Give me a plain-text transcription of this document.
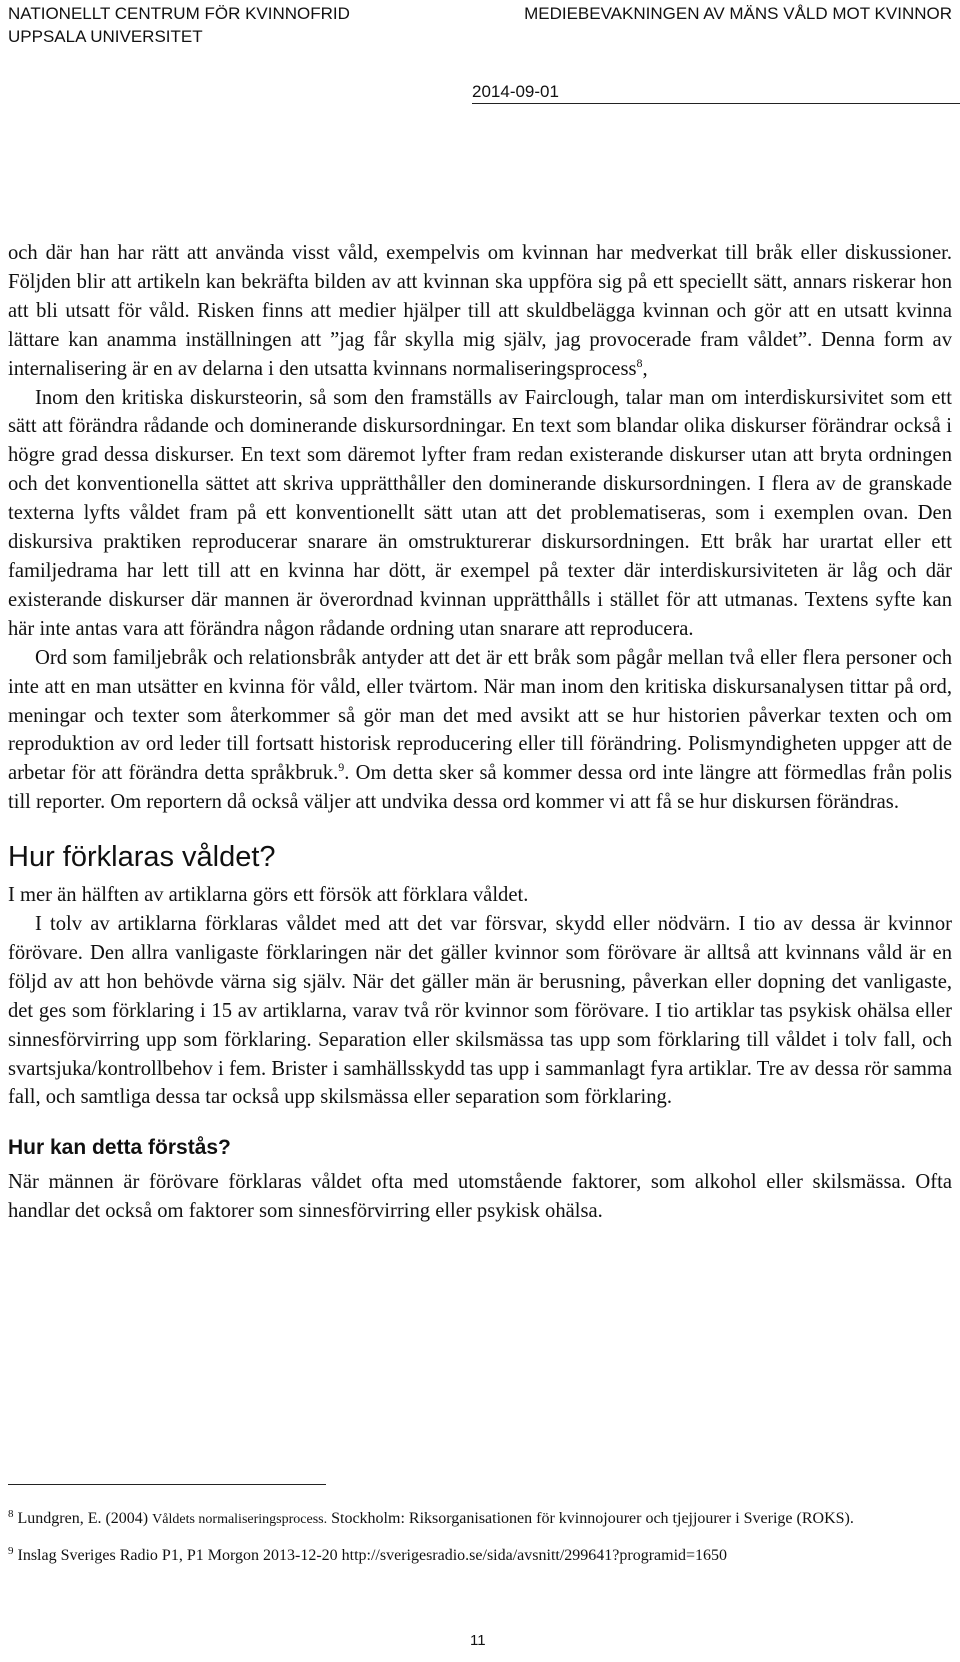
NATIONELLT CENTRUM FÖR KVINNOFRID
UPPSALA UNIVERSITET
MEDIEBEVAKNINGEN AV MÄNS VÅLD MOT KVINNOR
2014-09-01

och där han har rätt att använda visst våld, exempelvis om kvinnan har medverkat till bråk eller diskussioner. Följden blir att artikeln kan bekräfta bilden av att kvinnan ska uppföra sig på ett speciellt sätt, annars riskerar hon att bli utsatt för våld. Risken finns att medier hjälper till att skuldbelägga kvinnan och gör att en utsatt kvinna lättare kan anamma inställningen att ”jag får skylla mig själv, jag provocerade fram våldet”. Denna form av internalisering är en av delarna i den utsatta kvinnans normaliseringsprocess$^8$,

Inom den kritiska diskursteorin, så som den framställs av Fairclough, talar man om interdiskursivitet som ett sätt att förändra rådande och dominerande diskursordningar. En text som blandar olika diskurser förändrar också i högre grad dessa diskurser. En text som däremot lyfter fram redan existerande diskurser utan att bryta ordningen och det konventionella sättet att skriva upprätthåller den dominerande diskursordningen. I flera av de granskade texterna lyfts våldet fram på ett konventionellt sätt utan att det problematiseras, som i exemplen ovan. Den diskursiva praktiken reproducerar snarare än omstrukturerar diskursordningen. Ett bråk har urartat eller ett familjedrama har lett till att en kvinna har dött, är exempel på texter där interdiskursiviteten är låg och där existerande diskurser där mannen är överordnad kvinnan upprätthålls i stället för att utmanas. Textens syfte kan här inte antas vara att förändra någon rådande ordning utan snarare att reproducera.

Ord som familjebråk och relationsbråk antyder att det är ett bråk som pågår mellan två eller flera personer och inte att en man utsätter en kvinna för våld, eller tvärtom. När man inom den kritiska diskursanalysen tittar på ord, meningar och texter som återkommer så gör man det med avsikt att se hur historien påverkar texten och om reproduktion av ord leder till fortsatt historisk reproducering eller till förändring. Polismyndigheten uppger att de arbetar för att förändra detta språkbruk.$^9$. Om detta sker så kommer dessa ord inte längre att förmedlas från polis till reporter. Om reportern då också väljer att undvika dessa ord kommer vi att få se hur diskursen förändras.

Hur förklaras våldet?

I mer än hälften av artiklarna görs ett försök att förklara våldet.

I tolv av artiklarna förklaras våldet med att det var försvar, skydd eller nödvärn. I tio av dessa är kvinnor förövare. Den allra vanligaste förklaringen när det gäller kvinnor som förövare är alltså att kvinnans våld är en följd av att hon behövde värna sig själv. När det gäller män är berusning, påverkan eller dopning det vanligaste, det ges som förklaring i 15 av artiklarna, varav två rör kvinnor som förövare. I tio artiklar tas psykisk ohälsa eller sinnesförvirring upp som förklaring. Separation eller skilsmässa tas upp som förklaring till våldet i tolv fall, och svartsjuka/kontrollbehov i fem. Brister i samhällsskydd tas upp i sammanlagt fyra artiklar. Tre av dessa rör samma fall, och samtliga dessa tar också upp skilsmässa eller separation som förklaring.

Hur kan detta förstås?

När männen är förövare förklaras våldet ofta med utomstående faktorer, som alkohol eller skilsmässa. Ofta handlar det också om faktorer som sinnesförvirring eller psykisk ohälsa.

$^8$ Lundgren, E. (2004) Våldets normaliseringsprocess. Stockholm: Riksorganisationen för kvinnojourer och tjejjourer i Sverige (ROKS).

$^9$ Inslag Sveriges Radio P1, P1 Morgon 2013-12-20 http://sverigesradio.se/sida/avsnitt/299641?programid=1650

11
